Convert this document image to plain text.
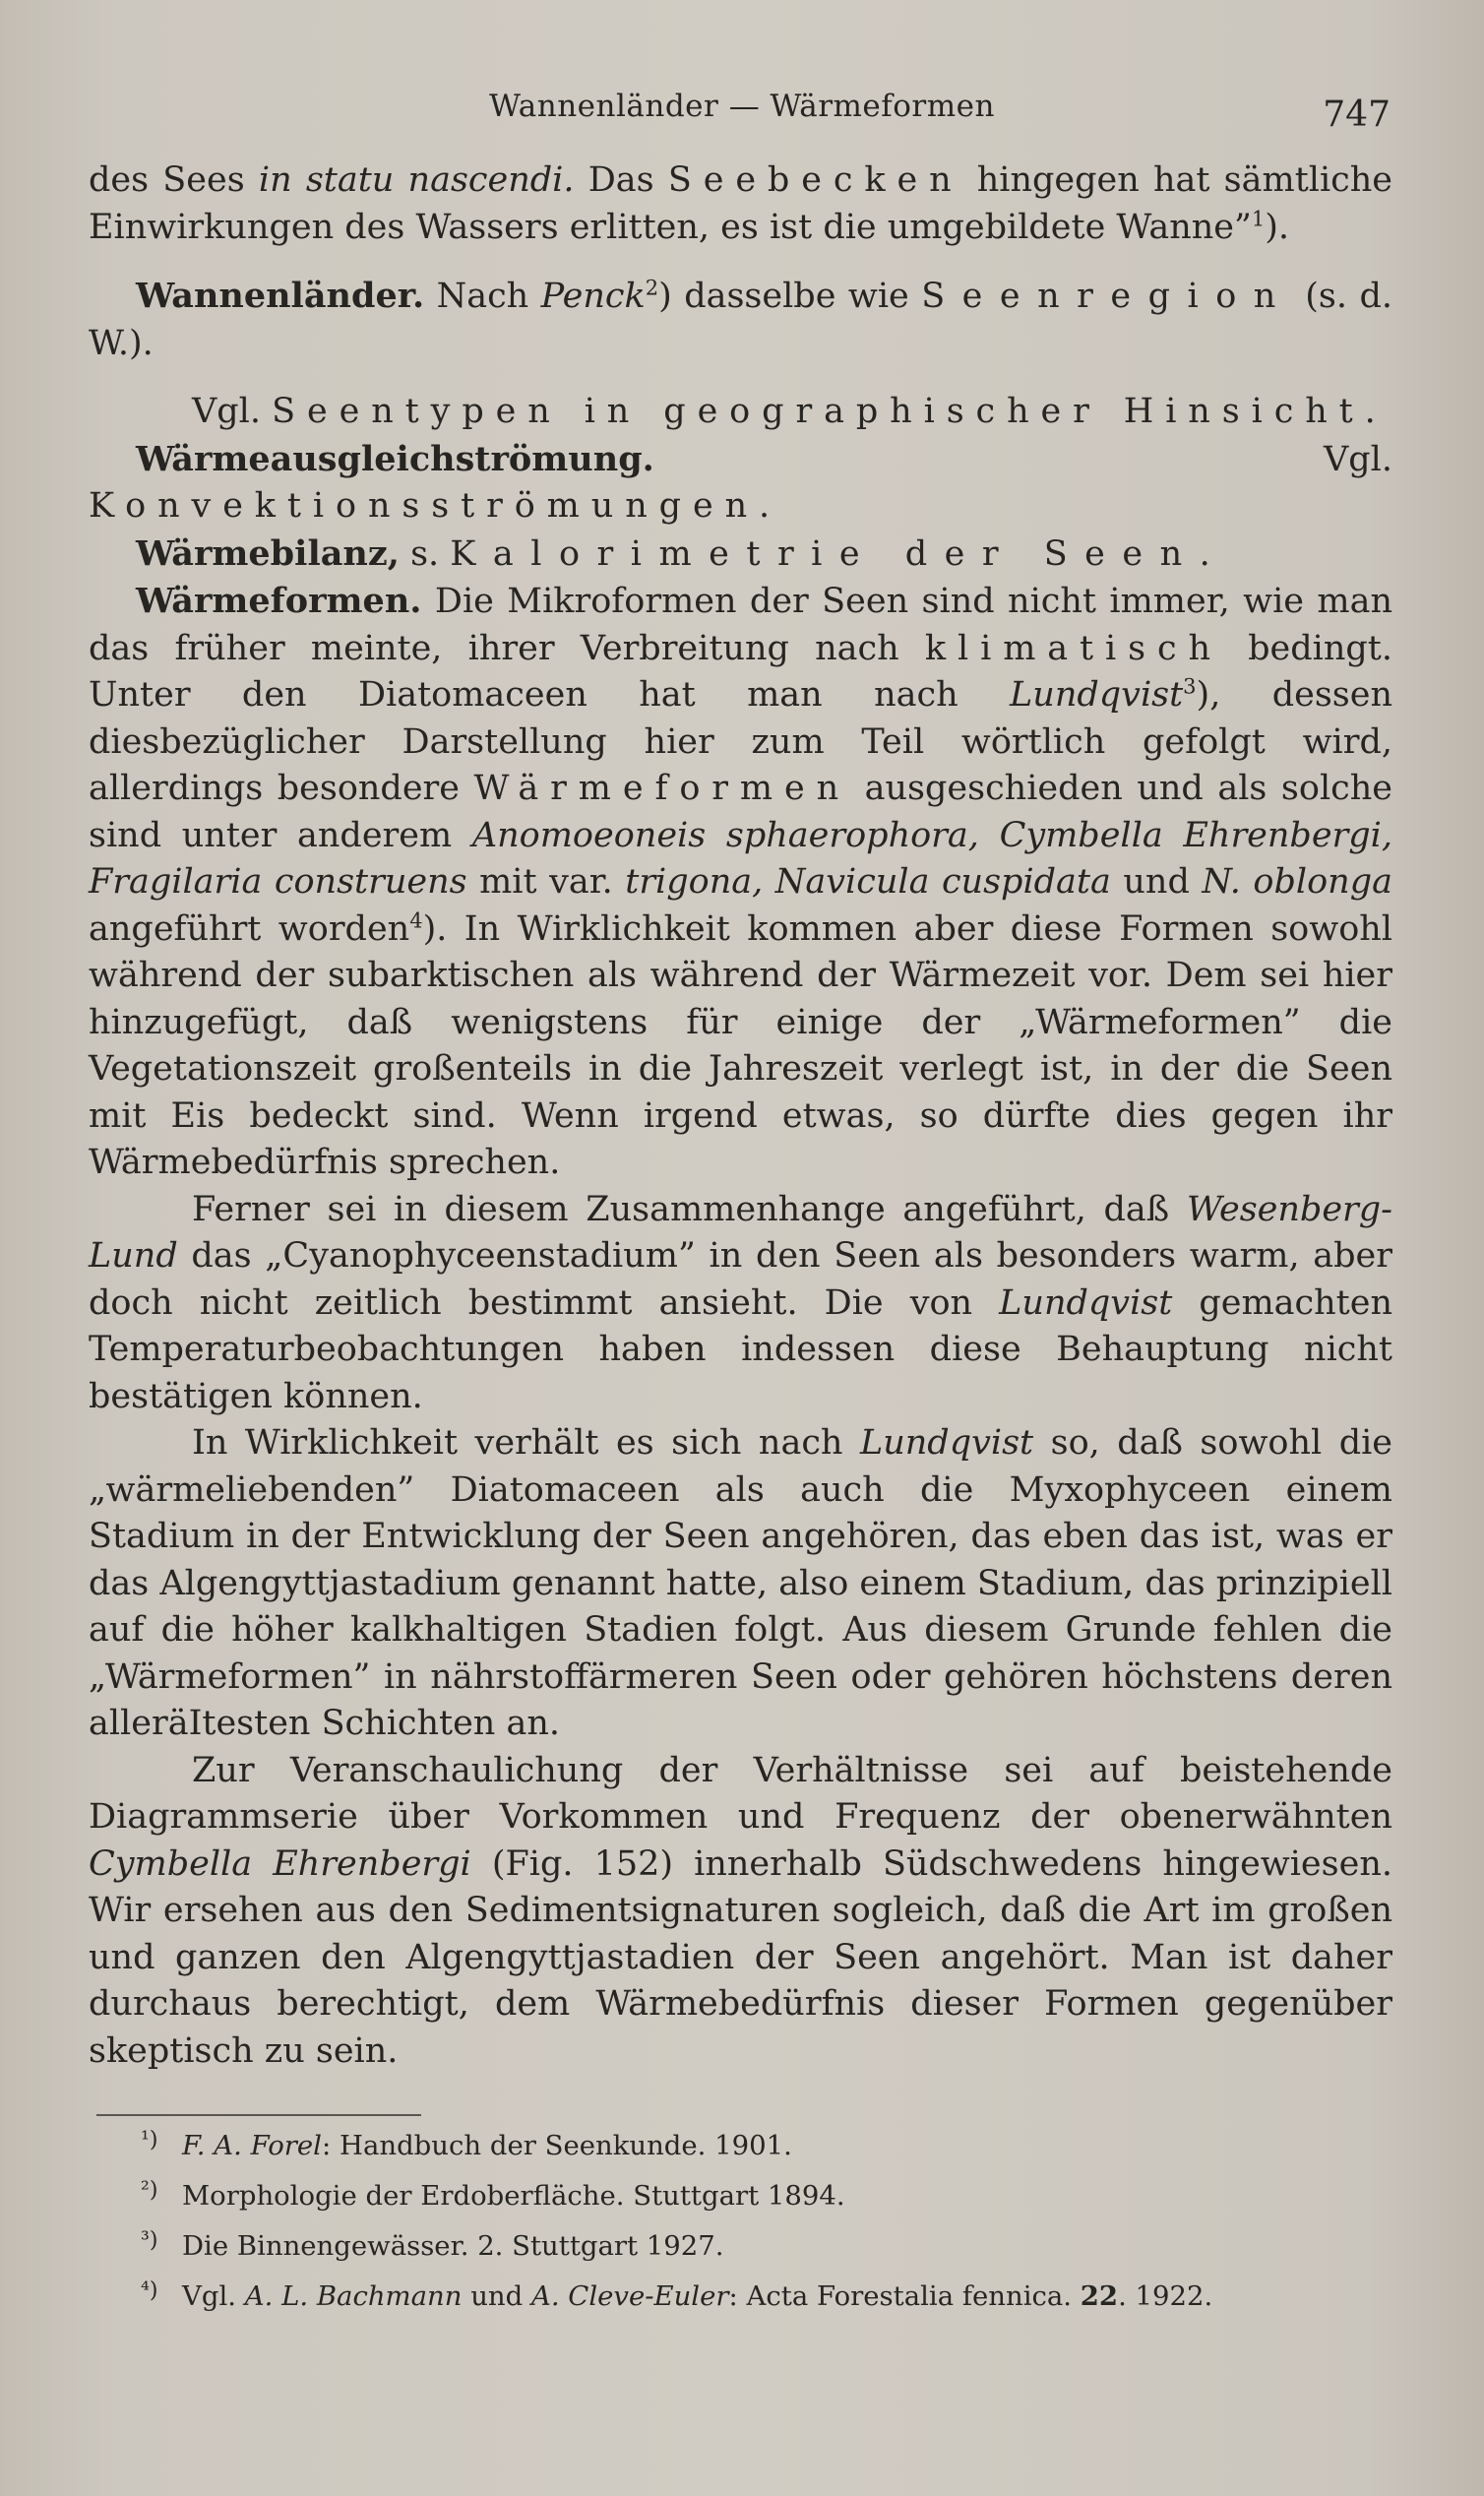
Wannenländer — Wärmeformen	747

des Sees in statu nascendi. Das Seebecken hingegen hat sämtliche Einwirkungen des Wassers erlitten, es ist die umgebildete Wanne”$^1$).

Wannenländer. Nach Penck$^2$) dasselbe wie Seenregion (s. d. W.).

Vgl. Seentypen in geographischer Hinsicht.

Wärmeausgleichströmung. Vgl. Konvektionsströmungen.

Wärmebilanz, s. Kalorimetrie der Seen.

Wärmeformen. Die Mikroformen der Seen sind nicht immer, wie man das früher meinte, ihrer Verbreitung nach klimatisch bedingt. Unter den Diatomaceen hat man nach Lundqvist$^3$), dessen diesbezüglicher Darstellung hier zum Teil wörtlich gefolgt wird, allerdings besondere Wärmeformen ausgeschieden und als solche sind unter anderem Anomoeoneis sphaerophora, Cymbella Ehrenbergi, Fragilaria construens mit var. trigona, Navicula cuspidata und N. oblonga angeführt worden$^4$). In Wirklichkeit kommen aber diese Formen sowohl während der subarktischen als während der Wärmezeit vor. Dem sei hier hinzugefügt, daß wenigstens für einige der „Wärmeformen” die Vegetationszeit großenteils in die Jahreszeit verlegt ist, in der die Seen mit Eis bedeckt sind. Wenn irgend etwas, so dürfte dies gegen ihr Wärmebedürfnis sprechen.

Ferner sei in diesem Zusammenhange angeführt, daß Wesenberg-Lund das „Cyanophyceenstadium” in den Seen als besonders warm, aber doch nicht zeitlich bestimmt ansieht. Die von Lundqvist gemachten Temperaturbeobachtungen haben indessen diese Behauptung nicht bestätigen können.

In Wirklichkeit verhält es sich nach Lundqvist so, daß sowohl die „wärmeliebenden” Diatomaceen als auch die Myxophyceen einem Stadium in der Entwicklung der Seen angehören, das eben das ist, was er das Algengyttjastadium genannt hatte, also einem Stadium, das prinzipiell auf die höher kalkhaltigen Stadien folgt. Aus diesem Grunde fehlen die „Wärmeformen” in nährstoffärmeren Seen oder gehören höchstens deren alleräItesten Schichten an.

Zur Veranschaulichung der Verhältnisse sei auf beistehende Diagrammserie über Vorkommen und Frequenz der obenerwähnten Cymbella Ehrenbergi (Fig. 152) innerhalb Südschwedens hingewiesen. Wir ersehen aus den Sedimentsignaturen sogleich, daß die Art im großen und ganzen den Algengyttjastadien der Seen angehört. Man ist daher durchaus berechtigt, dem Wärmebedürfnis dieser Formen gegenüber skeptisch zu sein.

¹) F. A. Forel: Handbuch der Seenkunde. 1901.
²) Morphologie der Erdoberfläche. Stuttgart 1894.
³) Die Binnengewässer. 2. Stuttgart 1927.
⁴) Vgl. A. L. Bachmann und A. Cleve-Euler: Acta Forestalia fennica. 22. 1922.
